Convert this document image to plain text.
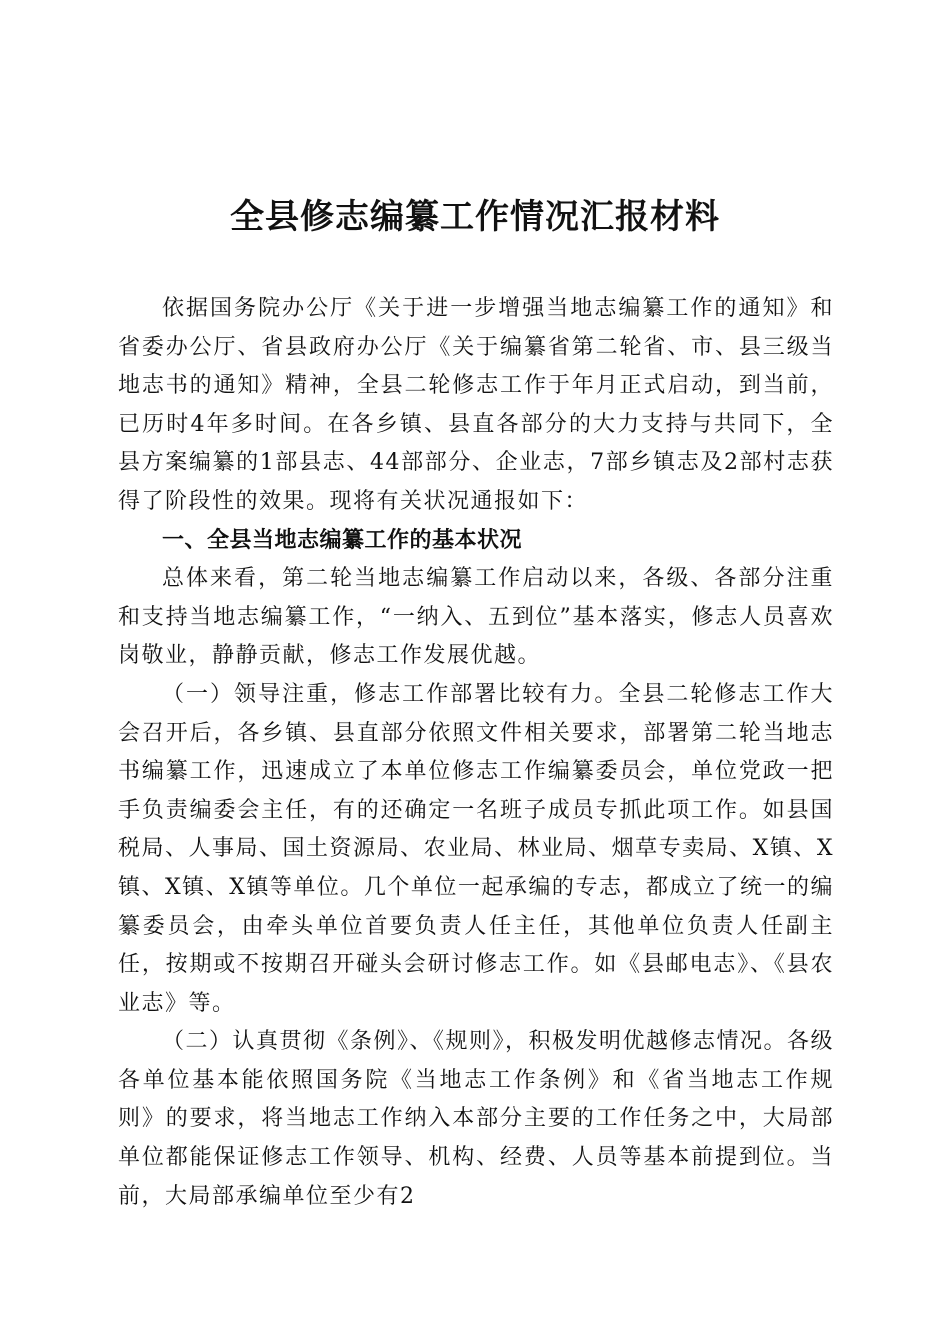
全县修志编纂工作情况汇报材料

依据国务院办公厅《关于进一步增强当地志编纂工作的通知》和省委办公厅、省县政府办公厅《关于编纂省第二轮省、市、县三级当地志书的通知》精神，全县二轮修志工作于年月正式启动，到当前，已历时4年多时间。在各乡镇、县直各部分的大力支持与共同下，全县方案编纂的1部县志、44部部分、企业志，7部乡镇志及2部村志获得了阶段性的效果。现将有关状况通报如下：

一、全县当地志编纂工作的基本状况

总体来看，第二轮当地志编纂工作启动以来，各级、各部分注重和支持当地志编纂工作，“一纳入、五到位”基本落实，修志人员喜欢岗敬业，静静贡献，修志工作发展优越。

（一）领导注重，修志工作部署比较有力。全县二轮修志工作大会召开后，各乡镇、县直部分依照文件相关要求，部署第二轮当地志书编纂工作，迅速成立了本单位修志工作编纂委员会，单位党政一把手负责编委会主任，有的还确定一名班子成员专抓此项工作。如县国税局、人事局、国土资源局、农业局、林业局、烟草专卖局、X镇、X镇、X镇、X镇等单位。几个单位一起承编的专志，都成立了统一的编纂委员会，由牵头单位首要负责人任主任，其他单位负责人任副主任，按期或不按期召开碰头会研讨修志工作。如《县邮电志》、《县农业志》等。

（二）认真贯彻《条例》、《规则》，积极发明优越修志情况。各级各单位基本能依照国务院《当地志工作条例》和《省当地志工作规则》的要求，将当地志工作纳入本部分主要的工作任务之中，大局部单位都能保证修志工作领导、机构、经费、人员等基本前提到位。当前，大局部承编单位至少有2
